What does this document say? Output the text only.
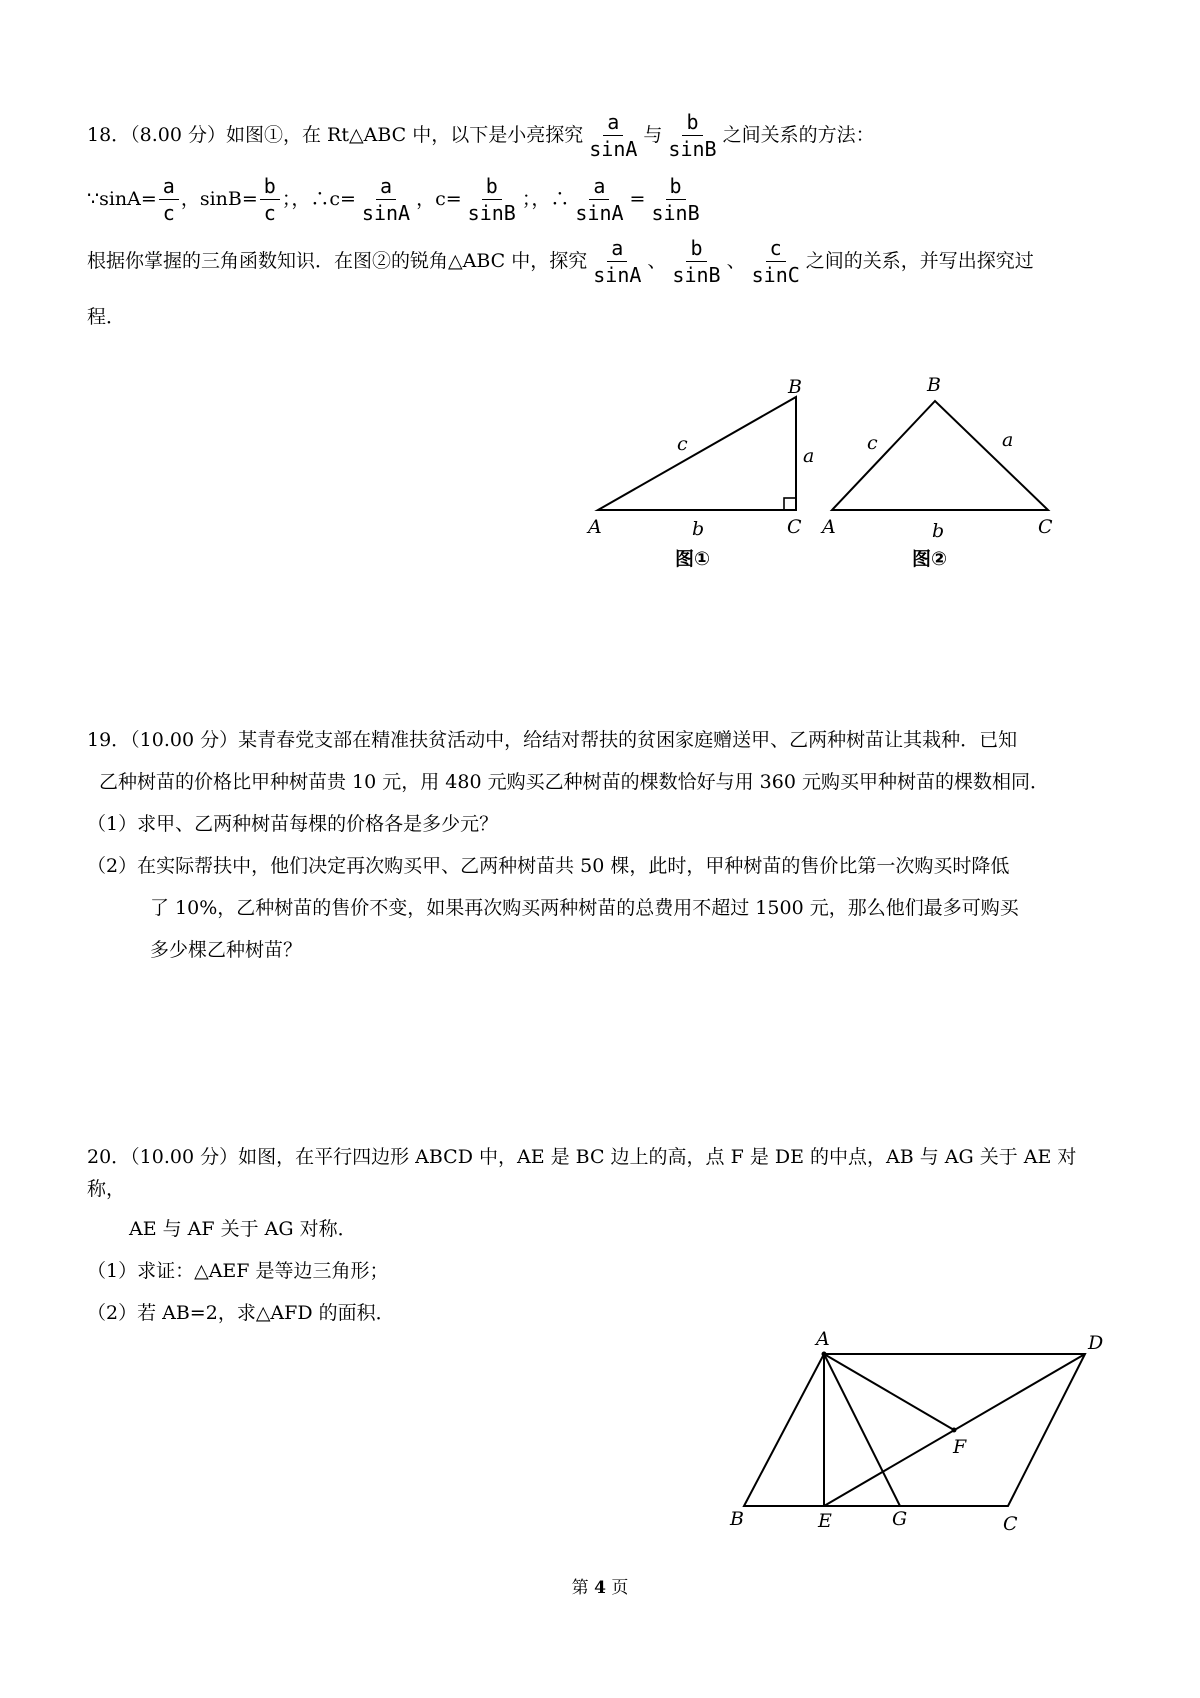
18．（8.00 分）如图①，在 Rt△ABC 中，以下是小亮探究 $\frac{a}{\sin A}$ 与 $\frac{b}{\sin B}$ 之间关系的方法：
∵sinA= $\frac{a}{c}$ ，$\sin B= \frac{b}{c}$ ；，∴c= $\frac{a}{\sin A}$ ，$c= \frac{b}{\sin B}$ ；，∴ $\frac{a}{\sin A} = \frac{b}{\sin B}$
根据你掌握的三角函数知识．在图②的锐角△ABC 中，探究 $\frac{a}{\sin A}$ 、 $\frac{b}{\sin B}$ 、 $\frac{c}{\sin C}$ 之间的关系，并写出探究过
程．
B
A	C
a
b
c
图①
B
A	C
a
b
c
图②
19．（10.00 分）某青春党支部在精准扶贫活动中，给结对帮扶的贫困家庭赠送甲、乙两种树苗让其栽种．已知
乙种树苗的价格比甲种树苗贵 10 元，用 480 元购买乙种树苗的棵数恰好与用 360 元购买甲种树苗的棵数相同．
（1）求甲、乙两种树苗每棵的价格各是多少元？
（2）在实际帮扶中，他们决定再次购买甲、乙两种树苗共 50 棵，此时，甲种树苗的售价比第一次购买时降低
了 10%，乙种树苗的售价不变，如果再次购买两种树苗的总费用不超过 1500 元，那么他们最多可购买
多少棵乙种树苗？
20．（10.00 分）如图，在平行四边形 ABCD 中，AE 是 BC 边上的高，点 F 是 DE 的中点，AB 与 AG 关于 AE 对
称，
AE 与 AF 关于 AG 对称．
（1）求证：△AEF 是等边三角形；
（2）若 AB=2，求△AFD 的面积．
A	D
F
B	E	G	C
第 4 页
